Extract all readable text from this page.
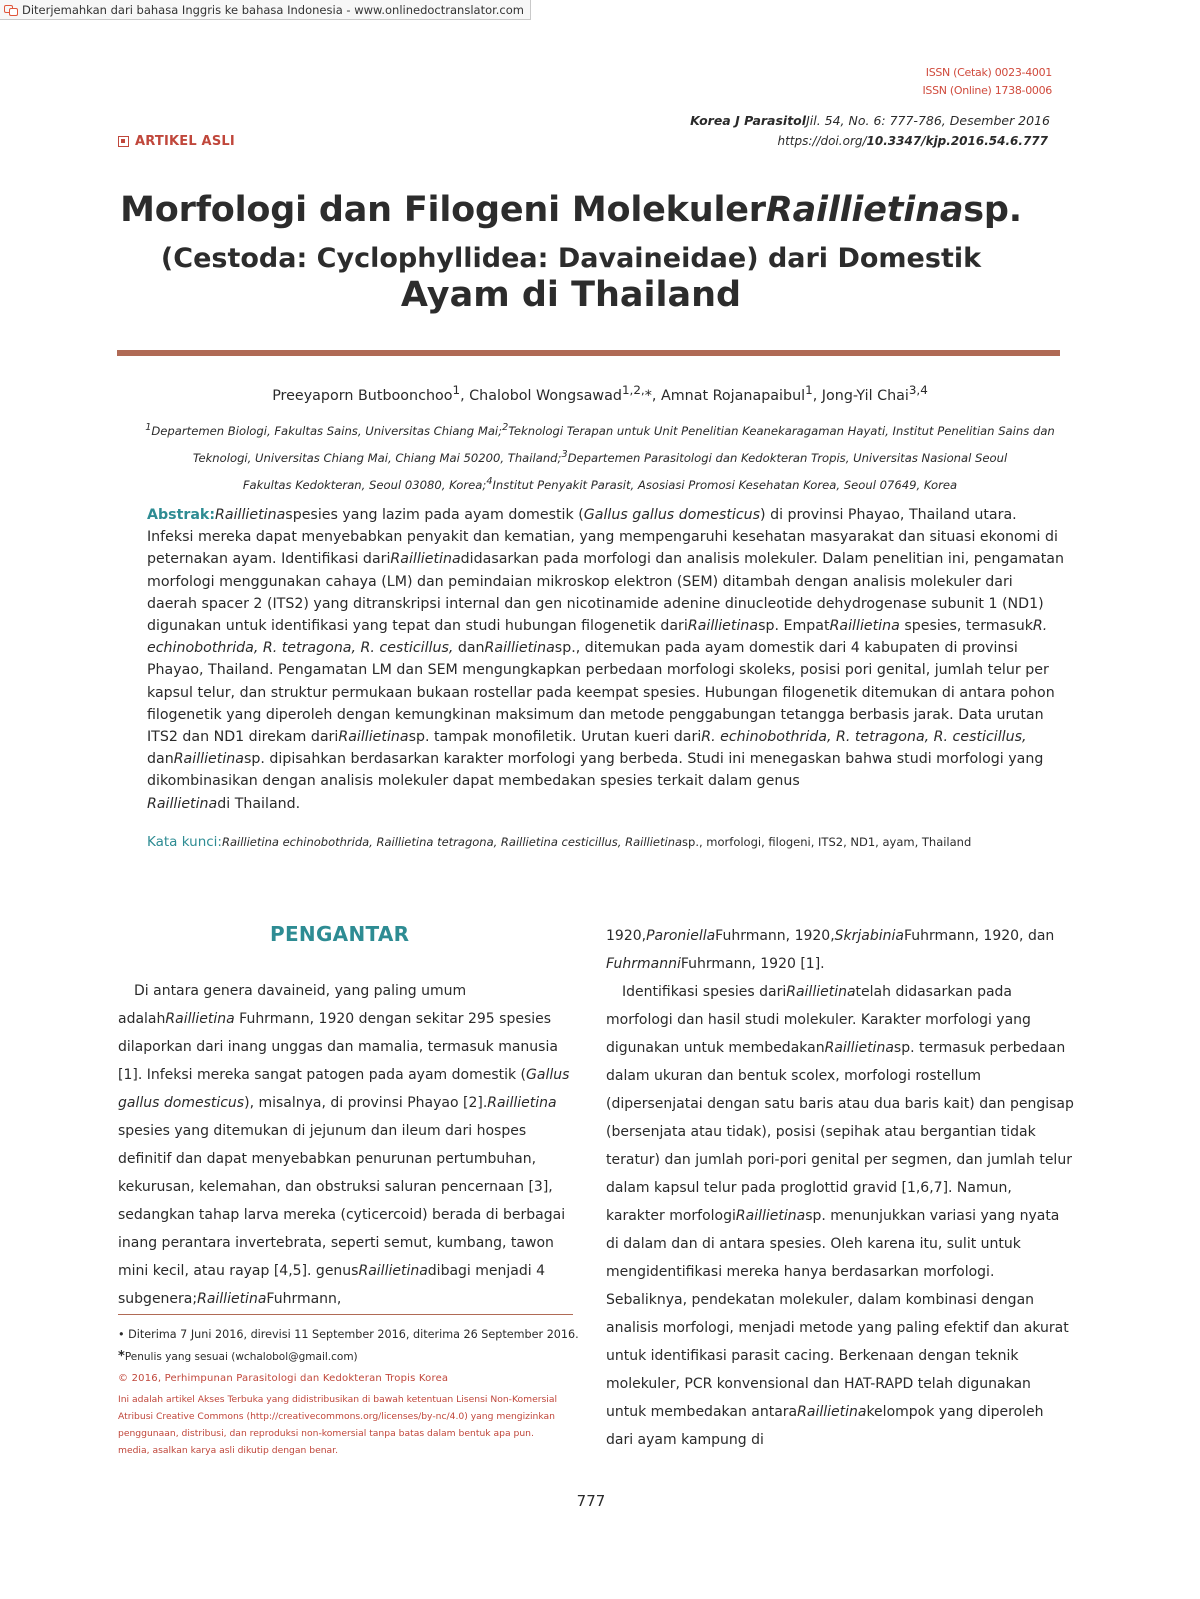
Diterjemahkan dari bahasa Inggris ke bahasa Indonesia - www.onlinedoctranslator.com
ISSN (Cetak) 0023-4001
ISSN (Online) 1738-0006
ARTIKEL ASLI
Korea J ParasitolJil. 54, No. 6: 777-786, Desember 2016
https://doi.org/10.3347/kjp.2016.54.6.777
Morfologi dan Filogeni MolekulerRaillietinasp.
(Cestoda: Cyclophyllidea: Davaineidae) dari Domestik
Ayam di Thailand
Preeyaporn Butboonchoo$^1$, Chalobol Wongsawad$^{1,2,}$*, Amnat Rojanapaibul$^1$, Jong-Yil Chai$^{3,4}$
$^1$Departemen Biologi, Fakultas Sains, Universitas Chiang Mai;$^2$Teknologi Terapan untuk Unit Penelitian Keanekaragaman Hayati, Institut Penelitian Sains dan
Teknologi, Universitas Chiang Mai, Chiang Mai 50200, Thailand;$^3$Departemen Parasitologi dan Kedokteran Tropis, Universitas Nasional Seoul
Fakultas Kedokteran, Seoul 03080, Korea;$^4$Institut Penyakit Parasit, Asosiasi Promosi Kesehatan Korea, Seoul 07649, Korea
Abstrak:Raillietinaspesies yang lazim pada ayam domestik (Gallus gallus domesticus) di provinsi Phayao, Thailand utara. Infeksi mereka dapat menyebabkan penyakit dan kematian, yang mempengaruhi kesehatan masyarakat dan situasi ekonomi di peternakan ayam. Identifikasi dariRaillietinadidasarkan pada morfologi dan analisis molekuler. Dalam penelitian ini, pengamatan morfologi menggunakan cahaya (LM) dan pemindaian mikroskop elektron (SEM) ditambah dengan analisis molekuler dari daerah spacer 2 (ITS2) yang ditranskripsi internal dan gen nicotinamide adenine dinucleotide dehydrogenase subunit 1 (ND1) digunakan untuk identifikasi yang tepat dan studi hubungan filogenetik dariRaillietinasp. EmpatRaillietina spesies, termasukR. echinobothrida, R. tetragona, R. cesticillus, danRaillietinasp., ditemukan pada ayam domestik dari 4 kabupaten di provinsi Phayao, Thailand. Pengamatan LM dan SEM mengungkapkan perbedaan morfologi skoleks, posisi pori genital, jumlah telur per kapsul telur, dan struktur permukaan bukaan rostellar pada keempat spesies. Hubungan filogenetik ditemukan di antara pohon filogenetik yang diperoleh dengan kemungkinan maksimum dan metode penggabungan tetangga berbasis jarak. Data urutan ITS2 dan ND1 direkam dariRaillietinasp. tampak monofiletik. Urutan kueri dariR. echinobothrida, R. tetragona, R. cesticillus, danRaillietinasp. dipisahkan berdasarkan karakter morfologi yang berbeda. Studi ini menegaskan bahwa studi morfologi yang dikombinasikan dengan analisis molekuler dapat membedakan spesies terkait dalam genus
Raillietinadi Thailand.
Kata kunci:Raillietina echinobothrida, Raillietina tetragona, Raillietina cesticillus, Raillietinasp., morfologi, filogeni, ITS2, ND1, ayam, Thailand
PENGANTAR
Di antara genera davaineid, yang paling umum adalahRaillietina Fuhrmann, 1920 dengan sekitar 295 spesies dilaporkan dari inang unggas dan mamalia, termasuk manusia [1]. Infeksi mereka sangat patogen pada ayam domestik (Gallus gallus domesticus), misalnya, di provinsi Phayao [2].Raillietina spesies yang ditemukan di jejunum dan ileum dari hospes definitif dan dapat menyebabkan penurunan pertumbuhan, kekurusan, kelemahan, dan obstruksi saluran pencernaan [3], sedangkan tahap larva mereka (cyticercoid) berada di berbagai inang perantara invertebrata, seperti semut, kumbang, tawon mini kecil, atau rayap [4,5]. genusRaillietinadibagi menjadi 4 subgenera;RaillietinaFuhrmann,
1920,ParoniellaFuhrmann, 1920,SkrjabiniaFuhrmann, 1920, dan
FuhrmanniFuhrmann, 1920 [1].
Identifikasi spesies dariRaillietinatelah didasarkan pada morfologi dan hasil studi molekuler. Karakter morfologi yang digunakan untuk membedakanRaillietinasp. termasuk perbedaan dalam ukuran dan bentuk scolex, morfologi rostellum (dipersenjatai dengan satu baris atau dua baris kait) dan pengisap (bersenjata atau tidak), posisi (sepihak atau bergantian tidak teratur) dan jumlah pori-pori genital per segmen, dan jumlah telur dalam kapsul telur pada proglottid gravid [1,6,7]. Namun, karakter morfologiRaillietinasp. menunjukkan variasi yang nyata di dalam dan di antara spesies. Oleh karena itu, sulit untuk mengidentifikasi mereka hanya berdasarkan morfologi. Sebaliknya, pendekatan molekuler, dalam kombinasi dengan analisis morfologi, menjadi metode yang paling efektif dan akurat untuk identifikasi parasit cacing. Berkenaan dengan teknik molekuler, PCR konvensional dan HAT-RAPD telah digunakan untuk membedakan antaraRaillietinakelompok yang diperoleh dari ayam kampung di
• Diterima 7 Juni 2016, direvisi 11 September 2016, diterima 26 September 2016.
*Penulis yang sesuai (wchalobol@gmail.com)
© 2016, Perhimpunan Parasitologi dan Kedokteran Tropis Korea
Ini adalah artikel Akses Terbuka yang didistribusikan di bawah ketentuan Lisensi Non-Komersial Atribusi Creative Commons (http://creativecommons.org/licenses/by-nc/4.0) yang mengizinkan penggunaan, distribusi, dan reproduksi non-komersial tanpa batas dalam bentuk apa pun. media, asalkan karya asli dikutip dengan benar.
777
